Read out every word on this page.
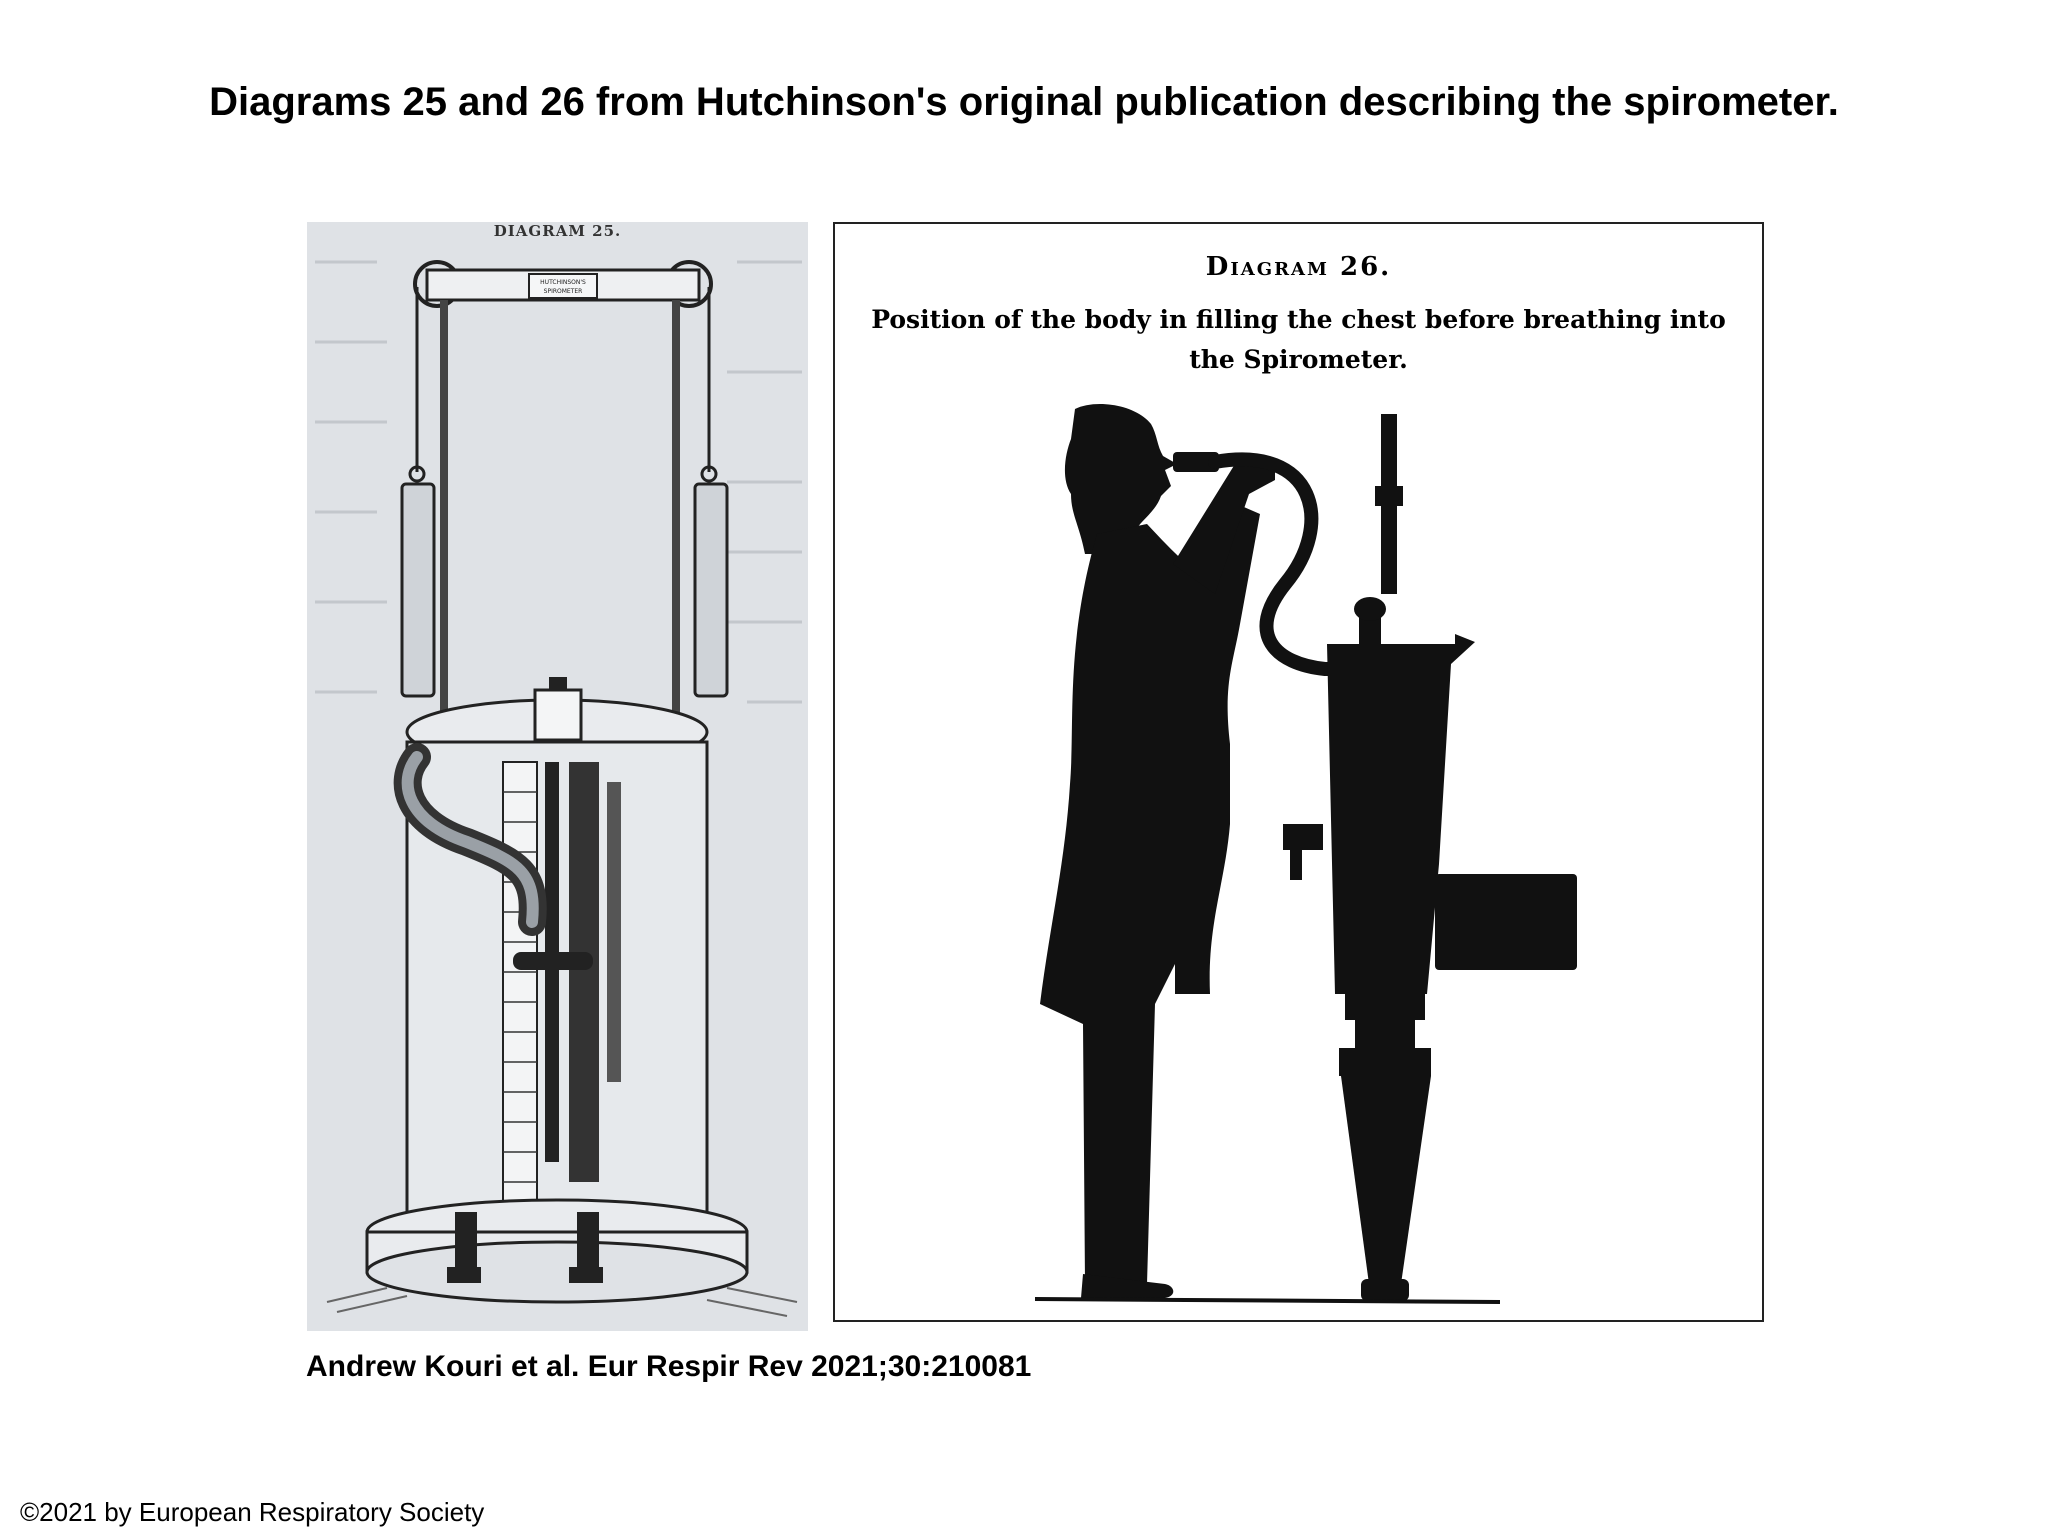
Diagrams 25 and 26 from Hutchinson's original publication describing the spirometer.
HUTCHINSON'S
SPIROMETER
DIAGRAM 25.
Diagram 26.
Position of the body in filling the chest before breathing into the Spirometer.

Andrew Kouri et al. Eur Respir Rev 2021;30:210081

©2021 by European Respiratory Society
